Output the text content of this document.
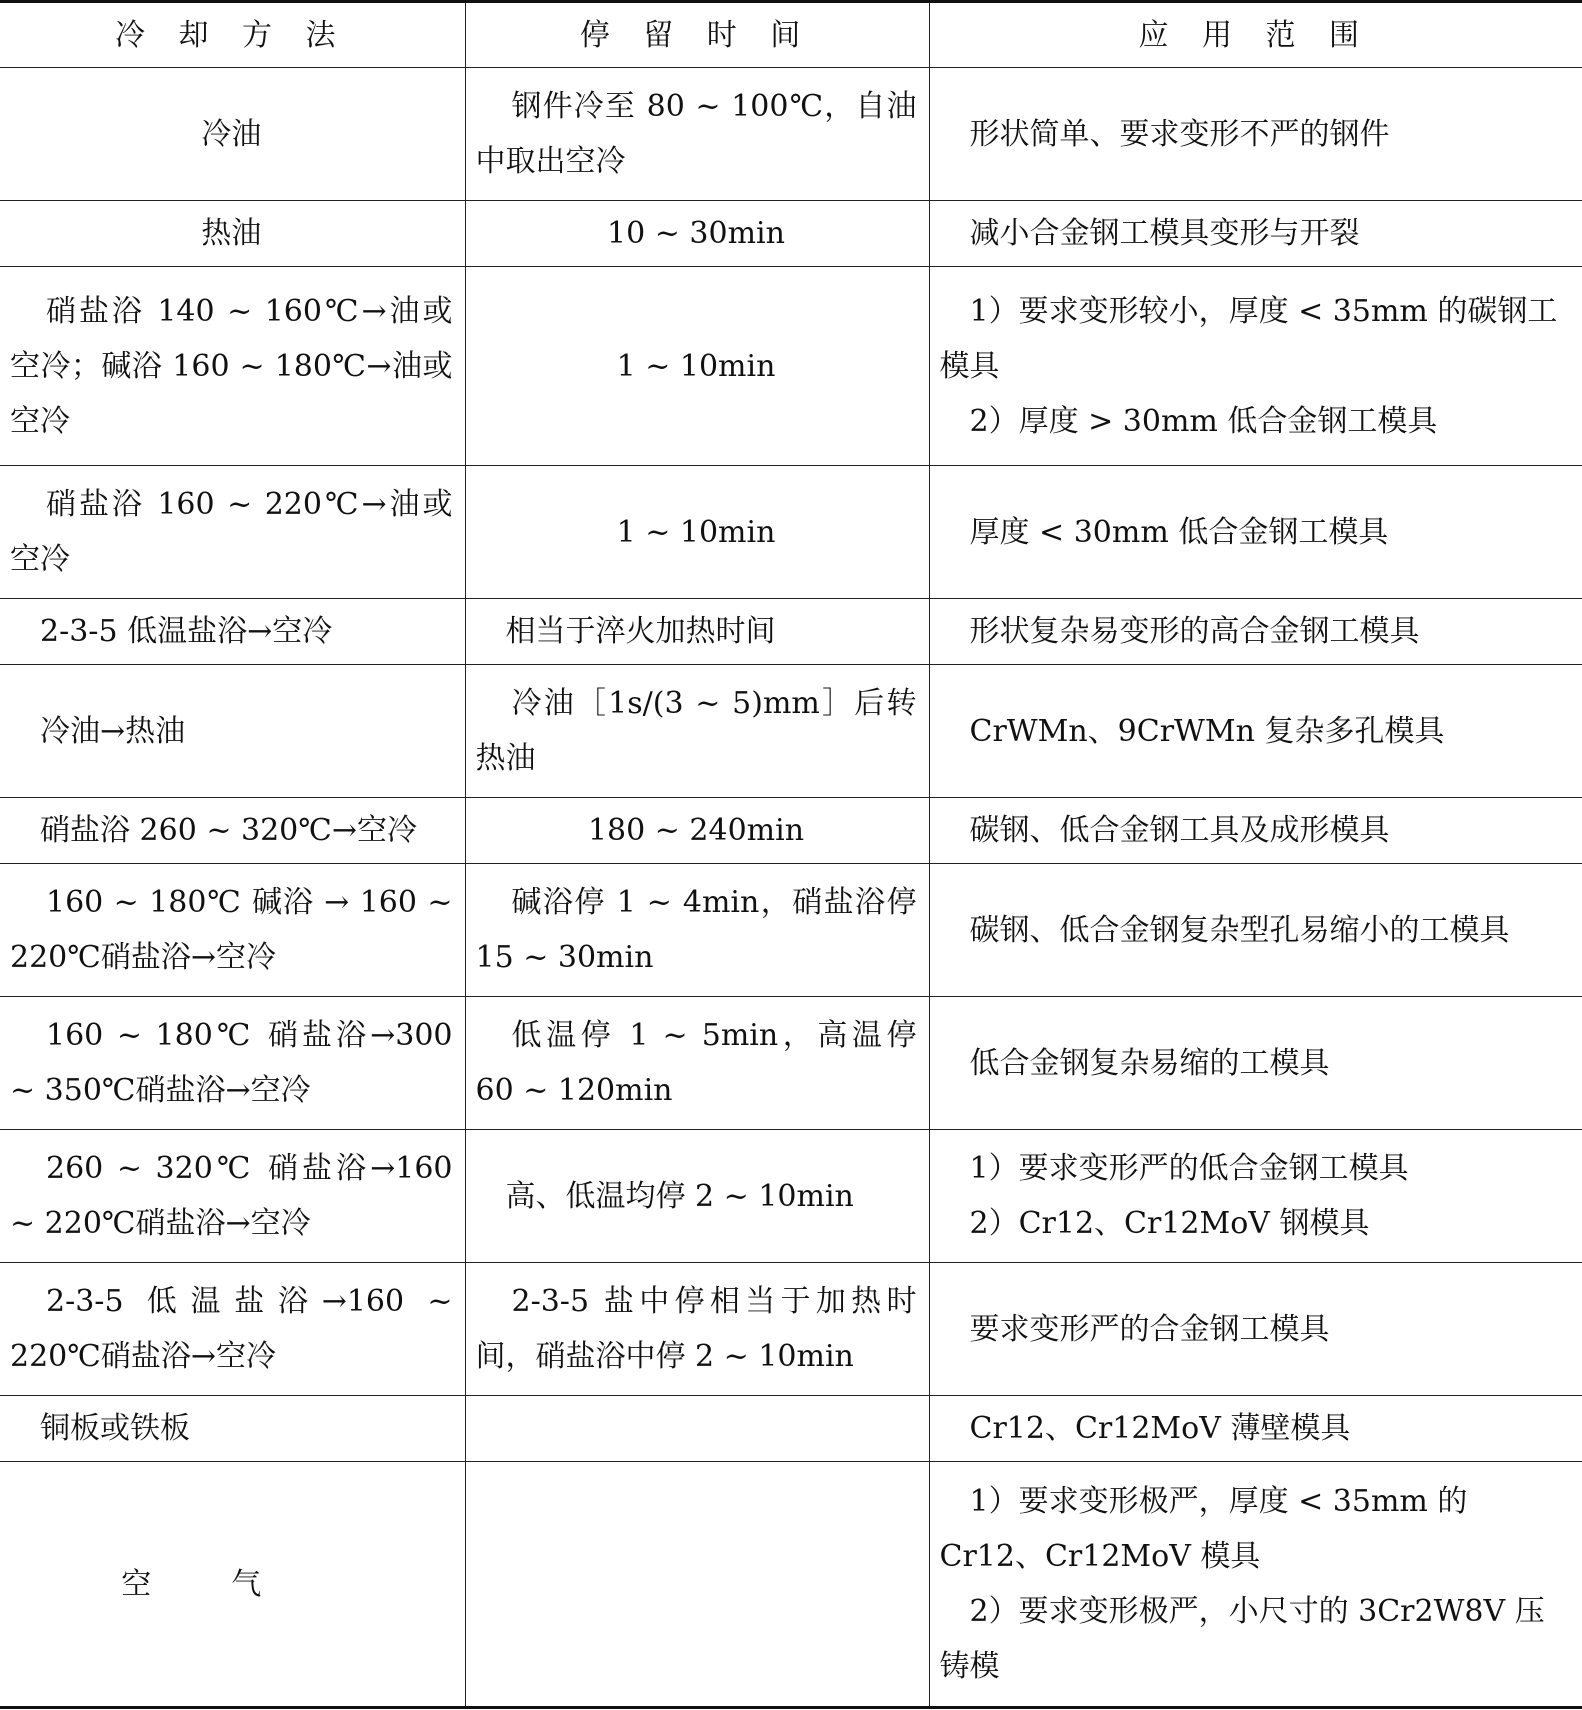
冷 却 方 法	停 留 时 间	应 用 范 围
冷油	钢件冷至 80 ~ 100℃，自油中取出空冷	形状简单、要求变形不严的钢件

热油	10 ~ 30min	减小合金钢工模具变形与开裂

硝盐浴 140 ~ 160℃→油或空冷；碱浴 160 ~ 180℃→油或空冷	1 ~ 10min	1）要求变形较小，厚度 < 35mm 的碳钢工模具
2）厚度 > 30mm 低合金钢工模具

硝盐浴 160 ~ 220℃→油或空冷	1 ~ 10min	厚度 < 30mm 低合金钢工模具

2-3-5 低温盐浴→空冷	相当于淬火加热时间	形状复杂易变形的高合金钢工模具

冷油→热油	冷油［1s/(3 ~ 5)mm］后转热油	CrWMn、9CrWMn 复杂多孔模具

硝盐浴 260 ~ 320℃→空冷	180 ~ 240min	碳钢、低合金钢工具及成形模具

160 ~ 180℃ 碱浴 → 160 ~ 220℃硝盐浴→空冷	碱浴停 1 ~ 4min，硝盐浴停 15 ~ 30min	碳钢、低合金钢复杂型孔易缩小的工模具

160 ~ 180℃ 硝盐浴→300 ~ 350℃硝盐浴→空冷	低温停 1 ~ 5min，高温停 60 ~ 120min	低合金钢复杂易缩的工模具

260 ~ 320℃ 硝盐浴→160 ~ 220℃硝盐浴→空冷	高、低温均停 2 ~ 10min	1）要求变形严的低合金钢工模具
2）Cr12、Cr12MoV 钢模具

2-3-5 低温盐浴→160 ~ 220℃硝盐浴→空冷	2-3-5 盐中停相当于加热时间，硝盐浴中停 2 ~ 10min	要求变形严的合金钢工模具

铜板或铁板		Cr12、Cr12MoV 薄壁模具

空气		1）要求变形极严，厚度 < 35mm 的 Cr12、Cr12MoV 模具
2）要求变形极严，小尺寸的 3Cr2W8V 压铸模
